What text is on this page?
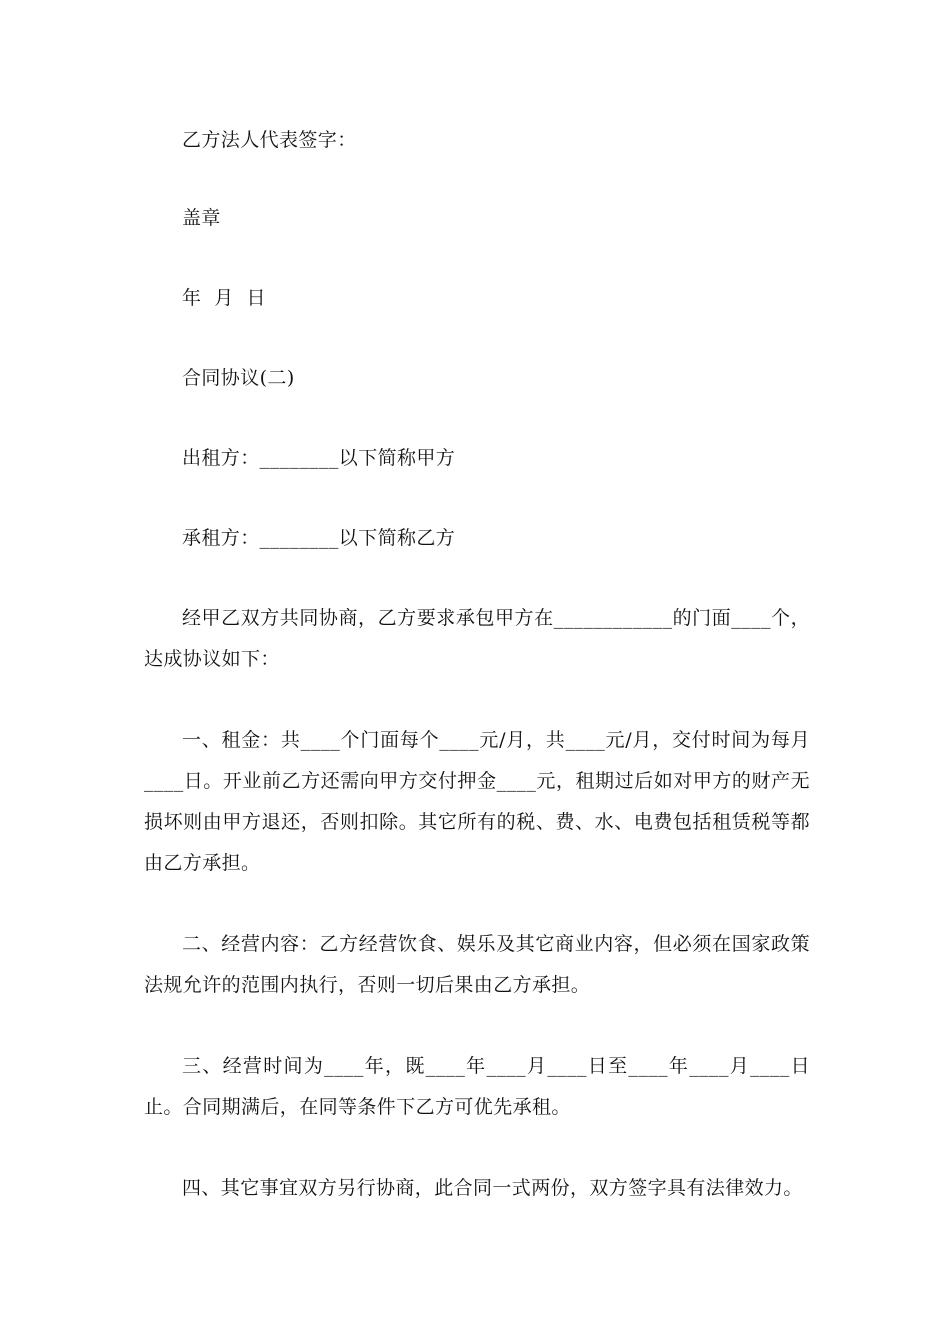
乙方法人代表签字：
盖章
年  月  日
合同协议(二)
出租方：________以下简称甲方
承租方：________以下简称乙方
经甲乙双方共同协商，乙方要求承包甲方在____________的门面____个，达成协议如下：
一、租金：共____个门面每个____元/月，共____元/月，交付时间为每月____日。开业前乙方还需向甲方交付押金____元，租期过后如对甲方的财产无损坏则由甲方退还，否则扣除。其它所有的税、费、水、电费包括租赁税等都由乙方承担。
二、经营内容：乙方经营饮食、娱乐及其它商业内容，但必须在国家政策法规允许的范围内执行，否则一切后果由乙方承担。
三、经营时间为____年，既____年____月____日至____年____月____日止。合同期满后，在同等条件下乙方可优先承租。
四、其它事宜双方另行协商，此合同一式两份，双方签字具有法律效力。
